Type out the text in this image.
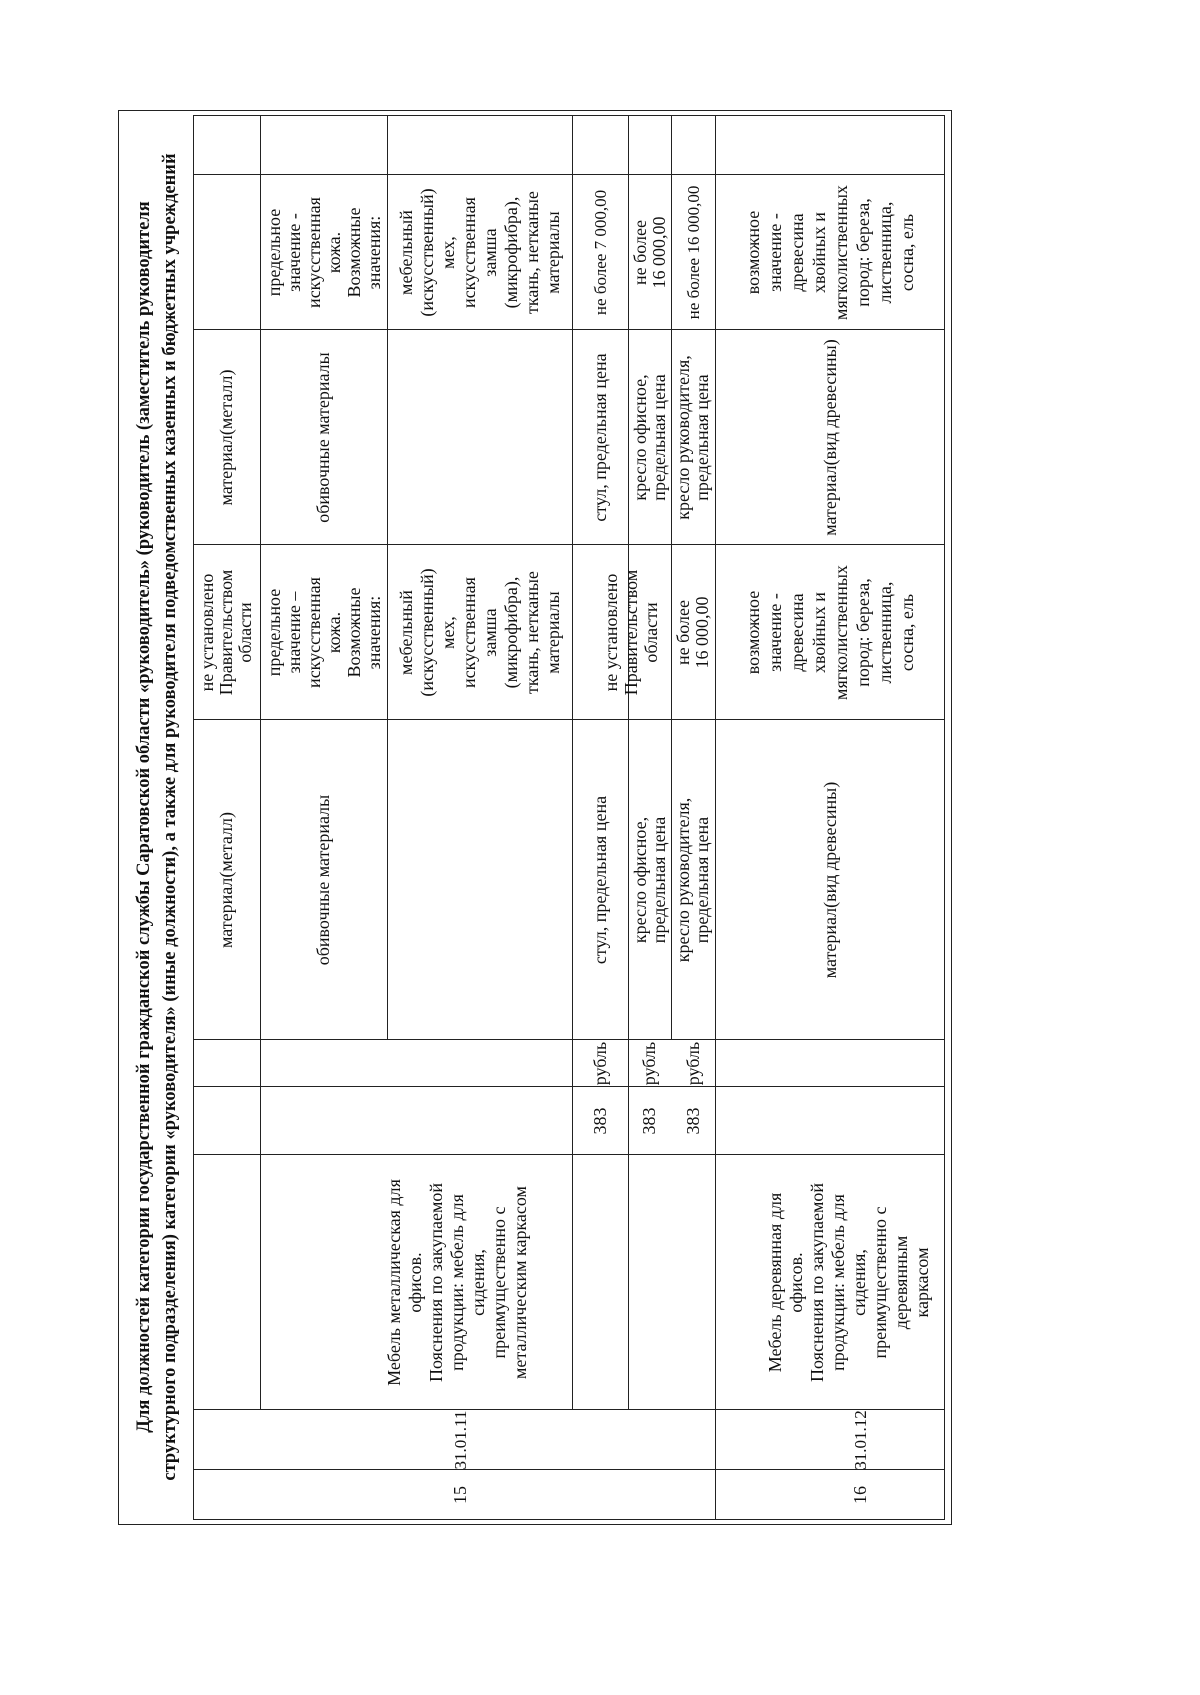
Для должностей категории государственной гражданской службы Саратовской области «руководитель» (руководитель (заместитель руководителя структурного подразделения) категории «руководителя» (иные должности), а также для руководителя подведомственных казенных и бюджетных учреждений
15
31.01.11
Мебель металлическая для
офисов.
Пояснения по закупаемой
продукции: мебель для сидения,
преимущественно с
металлическим каркасом
383
рубль
383
рубль
383
рубль
материал(металл)
не установлено
Правительством
области
обивочные материалы
предельное
значение –
искусственная
кожа.
Возможные
значения: мебельный
(искусственный)
мех,
искусственная
замша
(микрофибра),
ткань, нетканые
материалы
стул, предельная цена
не установлено
Правительством
области
кресло офисное,
предельная цена
кресло руководителя,
предельная цена
не более
16 000,00
материал(металл)	обивочные материалы
предельное
значение -
искусственная
кожа.
Возможные
значения: мебельный
(искусственный)
мех,
искусственная
замша
(микрофибра),
ткань, нетканые
материалы
стул, предельная цена
не более 7 000,00
кресло офисное,
предельная цена
не более
16 000,00
кресло руководителя,
предельная цена
не более 16 000,00
16
31.01.12
Мебель деревянная для офисов.
Пояснения по закупаемой
продукции: мебель для сидения,
преимущественно с деревянным
каркасом
материал(вид древесины)
возможное
значение -
древесина
хвойных и
мягколиственных
пород: береза,
лиственница,
сосна, ель
материал(вид древесины)
возможное
значение -
древесина
хвойных и
мягколиственных
пород: береза,
лиственница,
сосна, ель
